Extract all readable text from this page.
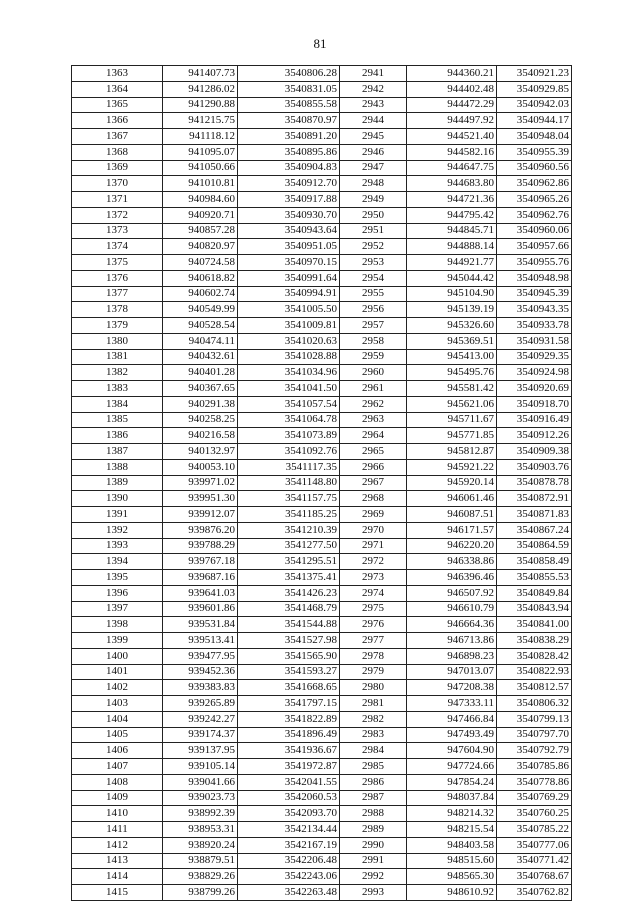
81
1363	941407.73	3540806.28	2941	944360.21	3540921.23
1364	941286.02	3540831.05	2942	944402.48	3540929.85
1365	941290.88	3540855.58	2943	944472.29	3540942.03
1366	941215.75	3540870.97	2944	944497.92	3540944.17
1367	941118.12	3540891.20	2945	944521.40	3540948.04
1368	941095.07	3540895.86	2946	944582.16	3540955.39
1369	941050.66	3540904.83	2947	944647.75	3540960.56
1370	941010.81	3540912.70	2948	944683.80	3540962.86
1371	940984.60	3540917.88	2949	944721.36	3540965.26
1372	940920.71	3540930.70	2950	944795.42	3540962.76
1373	940857.28	3540943.64	2951	944845.71	3540960.06
1374	940820.97	3540951.05	2952	944888.14	3540957.66
1375	940724.58	3540970.15	2953	944921.77	3540955.76
1376	940618.82	3540991.64	2954	945044.42	3540948.98
1377	940602.74	3540994.91	2955	945104.90	3540945.39
1378	940549.99	3541005.50	2956	945139.19	3540943.35
1379	940528.54	3541009.81	2957	945326.60	3540933.78
1380	940474.11	3541020.63	2958	945369.51	3540931.58
1381	940432.61	3541028.88	2959	945413.00	3540929.35
1382	940401.28	3541034.96	2960	945495.76	3540924.98
1383	940367.65	3541041.50	2961	945581.42	3540920.69
1384	940291.38	3541057.54	2962	945621.06	3540918.70
1385	940258.25	3541064.78	2963	945711.67	3540916.49
1386	940216.58	3541073.89	2964	945771.85	3540912.26
1387	940132.97	3541092.76	2965	945812.87	3540909.38
1388	940053.10	3541117.35	2966	945921.22	3540903.76
1389	939971.02	3541148.80	2967	945920.14	3540878.78
1390	939951.30	3541157.75	2968	946061.46	3540872.91
1391	939912.07	3541185.25	2969	946087.51	3540871.83
1392	939876.20	3541210.39	2970	946171.57	3540867.24
1393	939788.29	3541277.50	2971	946220.20	3540864.59
1394	939767.18	3541295.51	2972	946338.86	3540858.49
1395	939687.16	3541375.41	2973	946396.46	3540855.53
1396	939641.03	3541426.23	2974	946507.92	3540849.84
1397	939601.86	3541468.79	2975	946610.79	3540843.94
1398	939531.84	3541544.88	2976	946664.36	3540841.00
1399	939513.41	3541527.98	2977	946713.86	3540838.29
1400	939477.95	3541565.90	2978	946898.23	3540828.42
1401	939452.36	3541593.27	2979	947013.07	3540822.93
1402	939383.83	3541668.65	2980	947208.38	3540812.57
1403	939265.89	3541797.15	2981	947333.11	3540806.32
1404	939242.27	3541822.89	2982	947466.84	3540799.13
1405	939174.37	3541896.49	2983	947493.49	3540797.70
1406	939137.95	3541936.67	2984	947604.90	3540792.79
1407	939105.14	3541972.87	2985	947724.66	3540785.86
1408	939041.66	3542041.55	2986	947854.24	3540778.86
1409	939023.73	3542060.53	2987	948037.84	3540769.29
1410	938992.39	3542093.70	2988	948214.32	3540760.25
1411	938953.31	3542134.44	2989	948215.54	3540785.22
1412	938920.24	3542167.19	2990	948403.58	3540777.06
1413	938879.51	3542206.48	2991	948515.60	3540771.42
1414	938829.26	3542243.06	2992	948565.30	3540768.67
1415	938799.26	3542263.48	2993	948610.92	3540762.82
